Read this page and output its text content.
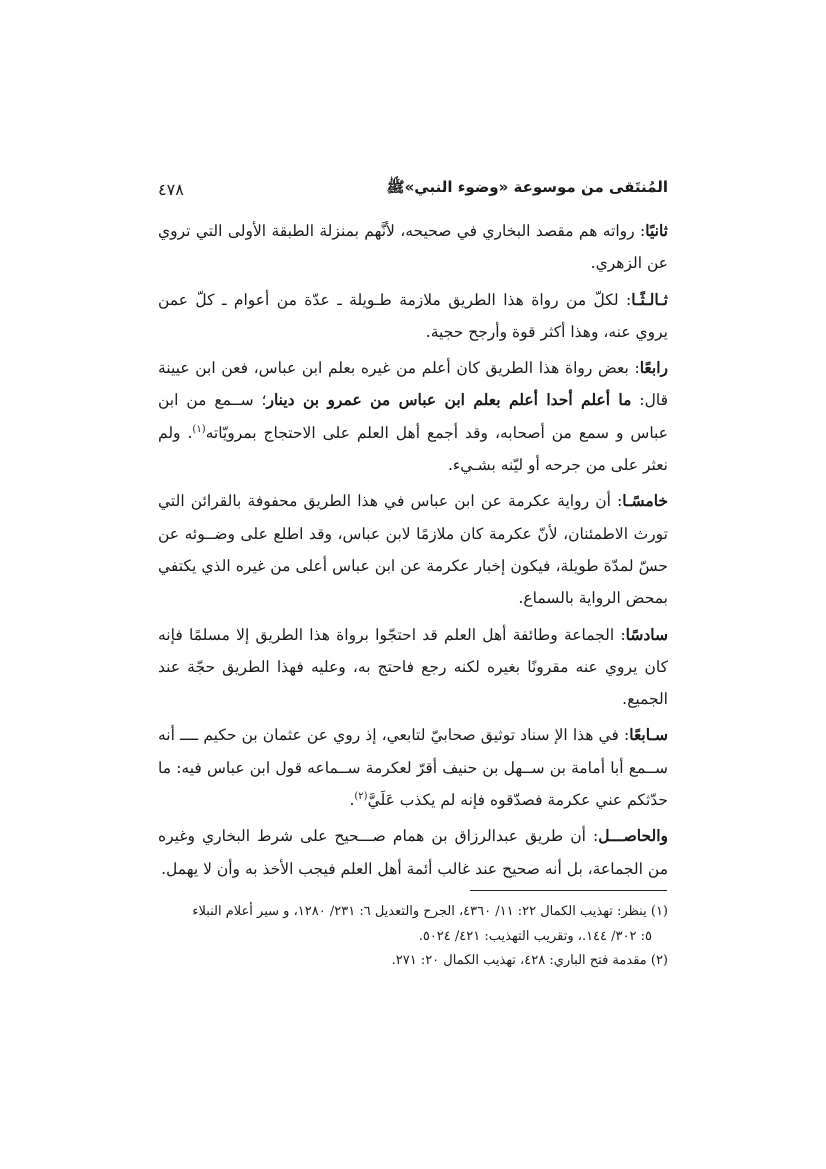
المُنتَقى من موسوعة «وضوء النبي»ﷺ
٤٧٨

ثانيًا: رواته هم مقصد البخاري في صحيحه، لأنَّهم بمنزلة الطبقة الأولى التي تروي عن الزهري.

ثـالـثًـا: لكلّ من رواة هذا الطريق ملازمة طـويلة ـ عدّة من أعوام ـ كلّ عمن يروي عنه، وهذا أكثر قوة وأرجح حجية.

رابعًا: بعض رواة هذا الطريق كان أعلم من غيره بعلم ابن عباس، فعن ابن عيينة قال: ما أعلم أحدا أعلم بعلم ابن عباس من عمرو بن دينار؛ ســمع من ابن عباس و سمع من أصحابه، وقد أجمع أهل العلم على الاحتجاج بمرويّاته$^{(١)}$. ولم نعثر على من جرحه أو ليّنه بشـيء.

خامسًـا: أن رواية عكرمة عن ابن عباس في هذا الطريق محفوفة بالقرائن التي تورث الاطمئنان، لأنّ عكرمة كان ملازمًا لابن عباس، وقد اطلع على وضــوئه عن حسّ لمدّة طويلة، فيكون إخبار عكرمة عن ابن عباس أعلى من غيره الذي يكتفي بمحض الرواية بالسماع.

سادسًا: الجماعة وطائفة أهل العلم قد احتجّوا برواة هذا الطريق إلا مسلمًا فإنه كان يروي عنه مقرونًا بغيره لكنه رجع فاحتج به، وعليه فهذا الطريق حجّة عند الجميع.

سـابعًا: في هذا الإ سناد توثيق صحابيّ لتابعي، إذ روي عن عثمان بن حكيم ــــ أنه ســمع أبا أمامة بن ســهل بن حنيف أقرّ لعكرمة ســماعه قول ابن عباس فيه: ما حدّثكم عني عكرمة فصدّقوه فإنه لم يكذب عَلَيَّ$^{(٢)}$.

والحاصـــل: أن طريق عبدالرزاق بن همام صـــحيح على شرط البخاري وغيره من الجماعة، بل أنه صحيح عند غالب أئمة أهل العلم فيجب الأخذ به وأن لا يهمل.

(١) ينظر: تهذيب الكمال ٢٢: ١١/ ٤٣٦٠، الجرح والتعديل ٦: ٢٣١/ ١٢٨٠، و سير أعلام النبلاء

٥: ٣٠٢/ ١٤٤.، وتقريب التهذيب: ٤٢١/ ٥٠٢٤.

(٢) مقدمة فتح الباري: ٤٢٨، تهذيب الكمال ٢٠: ٢٧١.
